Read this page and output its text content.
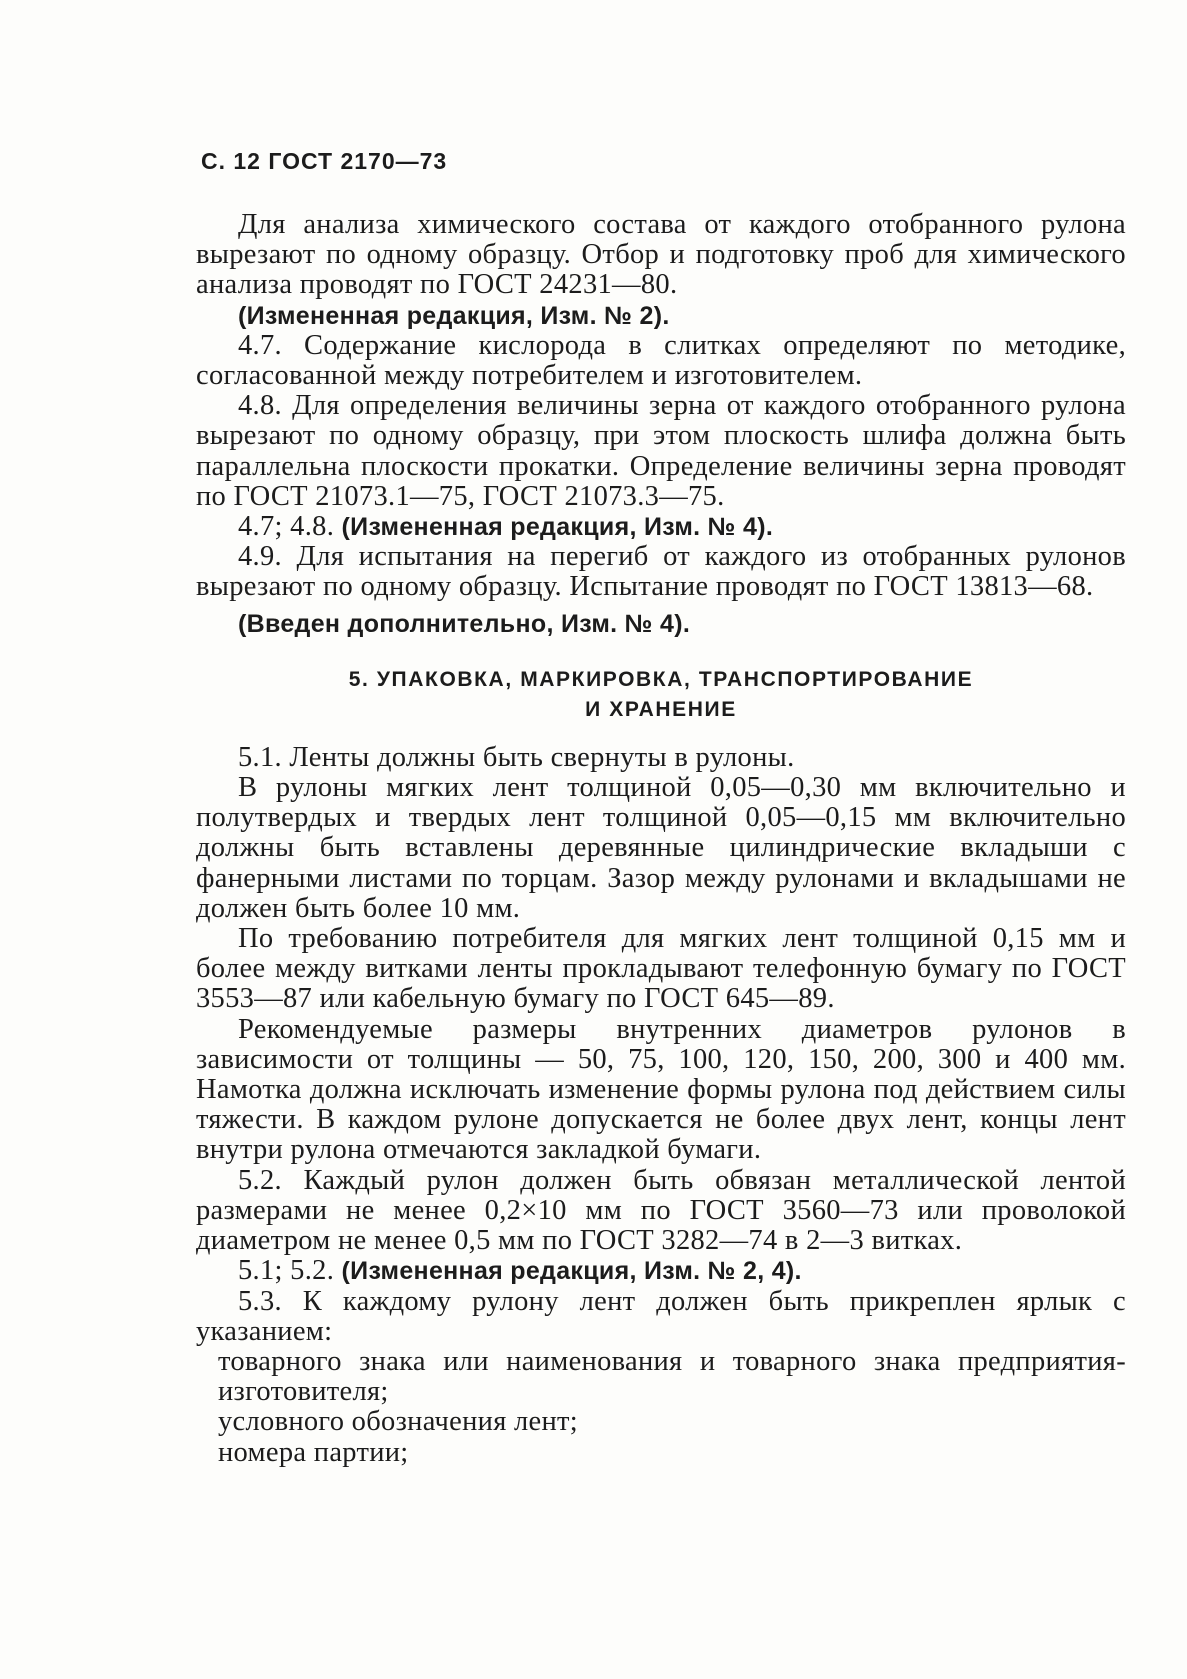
С. 12 ГОСТ 2170—73

Для анализа химического состава от каждого отобранного рулона вырезают по одному образцу. Отбор и подготовку проб для химического анализа проводят по ГОСТ 24231—80.

(Измененная редакция, Изм. № 2).

4.7. Содержание кислорода в слитках определяют по методике, согласованной между потребителем и изготовителем.

4.8. Для определения величины зерна от каждого отобранного рулона вырезают по одному образцу, при этом плоскость шлифа должна быть параллельна плоскости прокатки. Определение величины зерна проводят по ГОСТ 21073.1—75, ГОСТ 21073.3—75.

4.7; 4.8. (Измененная редакция, Изм. № 4).

4.9. Для испытания на перегиб от каждого из отобранных рулонов вырезают по одному образцу. Испытание проводят по ГОСТ 13813—68.

(Введен дополнительно, Изм. № 4).

5. УПАКОВКА, МАРКИРОВКА, ТРАНСПОРТИРОВАНИЕ
И ХРАНЕНИЕ

5.1. Ленты должны быть свернуты в рулоны.

В рулоны мягких лент толщиной 0,05—0,30 мм включительно и полутвердых и твердых лент толщиной 0,05—0,15 мм включительно должны быть вставлены деревянные цилиндрические вкладыши с фанерными листами по торцам. Зазор между рулонами и вкладышами не должен быть более 10 мм.

По требованию потребителя для мягких лент толщиной 0,15 мм и более между витками ленты прокладывают телефонную бумагу по ГОСТ 3553—87 или кабельную бумагу по ГОСТ 645—89.

Рекомендуемые размеры внутренних диаметров рулонов в зависимости от толщины — 50, 75, 100, 120, 150, 200, 300 и 400 мм. Намотка должна исключать изменение формы рулона под действием силы тяжести. В каждом рулоне допускается не более двух лент, концы лент внутри рулона отмечаются закладкой бумаги.

5.2. Каждый рулон должен быть обвязан металлической лентой размерами не менее 0,2×10 мм по ГОСТ 3560—73 или проволокой диаметром не менее 0,5 мм по ГОСТ 3282—74 в 2—3 витках.

5.1; 5.2. (Измененная редакция, Изм. № 2, 4).

5.3. К каждому рулону лент должен быть прикреплен ярлык с указанием:

товарного знака или наименования и товарного знака предприятия-изготовителя;

условного обозначения лент;

номера партии;
